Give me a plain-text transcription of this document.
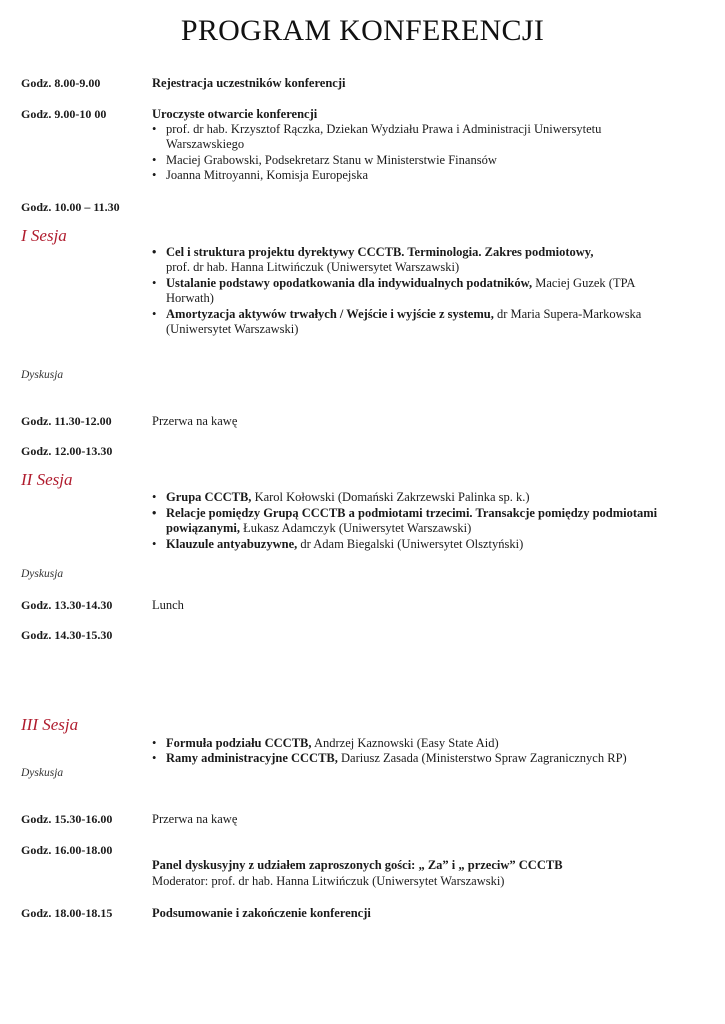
PROGRAM KONFERENCJI
Godz. 8.00-9.00	Rejestracja uczestników konferencji
Godz. 9.00-10 00	Uroczyste otwarcie konferencji
• prof. dr hab. Krzysztof Rączka, Dziekan Wydziału Prawa i Administracji Uniwersytetu
Warszawskiego
• Maciej Grabowski, Podsekretarz Stanu w Ministerstwie Finansów
• Joanna Mitroyanni, Komisja Europejska
Godz. 10.00 – 11.30
I Sesja
• Cel i struktura projektu dyrektywy CCCTB. Terminologia. Zakres podmiotowy,
prof. dr hab. Hanna Litwińczuk (Uniwersytet Warszawski)
• Ustalanie podstawy opodatkowania dla indywidualnych podatników, Maciej Guzek (TPA
Horwath)
• Amortyzacja aktywów trwałych / Wejście i wyjście z systemu, dr Maria Supera-Markowska
(Uniwersytet Warszawski)
Dyskusja
Godz. 11.30-12.00	Przerwa na kawę
Godz. 12.00-13.30
II Sesja
• Grupa CCCTB, Karol Kołowski (Domański Zakrzewski Palinka sp. k.)
• Relacje pomiędzy Grupą CCCTB a podmiotami trzecimi. Transakcje pomiędzy podmiotami
powiązanymi, Łukasz Adamczyk (Uniwersytet Warszawski)
• Klauzule antyabuzywne, dr Adam Biegalski (Uniwersytet Olsztyński)
Dyskusja
Godz. 13.30-14.30	Lunch
Godz. 14.30-15.30
III Sesja
• Formuła podziału CCCTB, Andrzej Kaznowski (Easy State Aid)
• Ramy administracyjne CCCTB, Dariusz Zasada (Ministerstwo Spraw Zagranicznych RP)
Dyskusja
Godz. 15.30-16.00	Przerwa na kawę
Godz. 16.00-18.00
Panel dyskusyjny z udziałem zaproszonych gości: „ Za” i „ przeciw” CCCTB
Moderator: prof. dr hab. Hanna Litwińczuk (Uniwersytet Warszawski)
Godz. 18.00-18.15	Podsumowanie i zakończenie konferencji
